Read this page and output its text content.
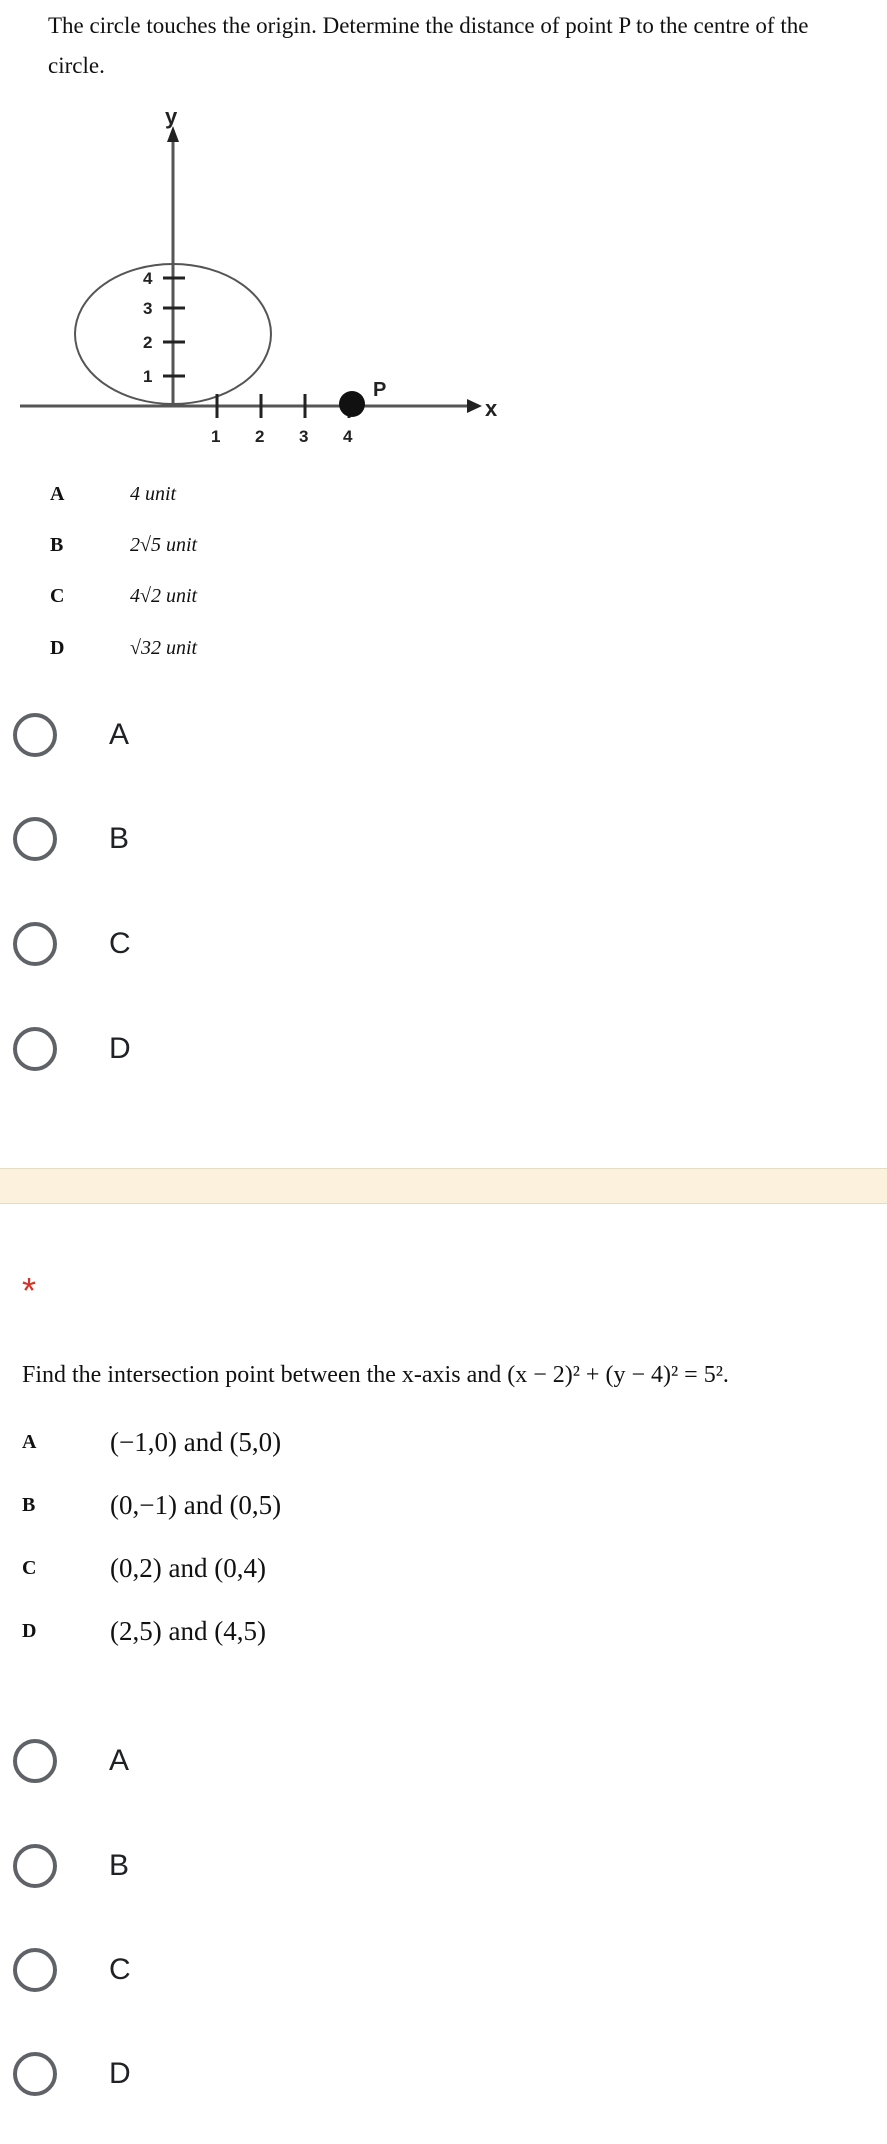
The circle touches the origin. Determine the distance of point P to the centre of the circle.
x
y
1
2
3
4
1 2 3 4
P
A	4 unit
B	2√5 unit
C	4√2 unit
D	√32 unit
A
B
C
D
*
Find the intersection point between the x-axis and (x − 2)² + (y − 4)² = 5².
A	(−1,0) and (5,0)
B	(0,−1) and (0,5)
C	(0,2) and (0,4)
D	(2,5) and (4,5)
A
B
C
D
